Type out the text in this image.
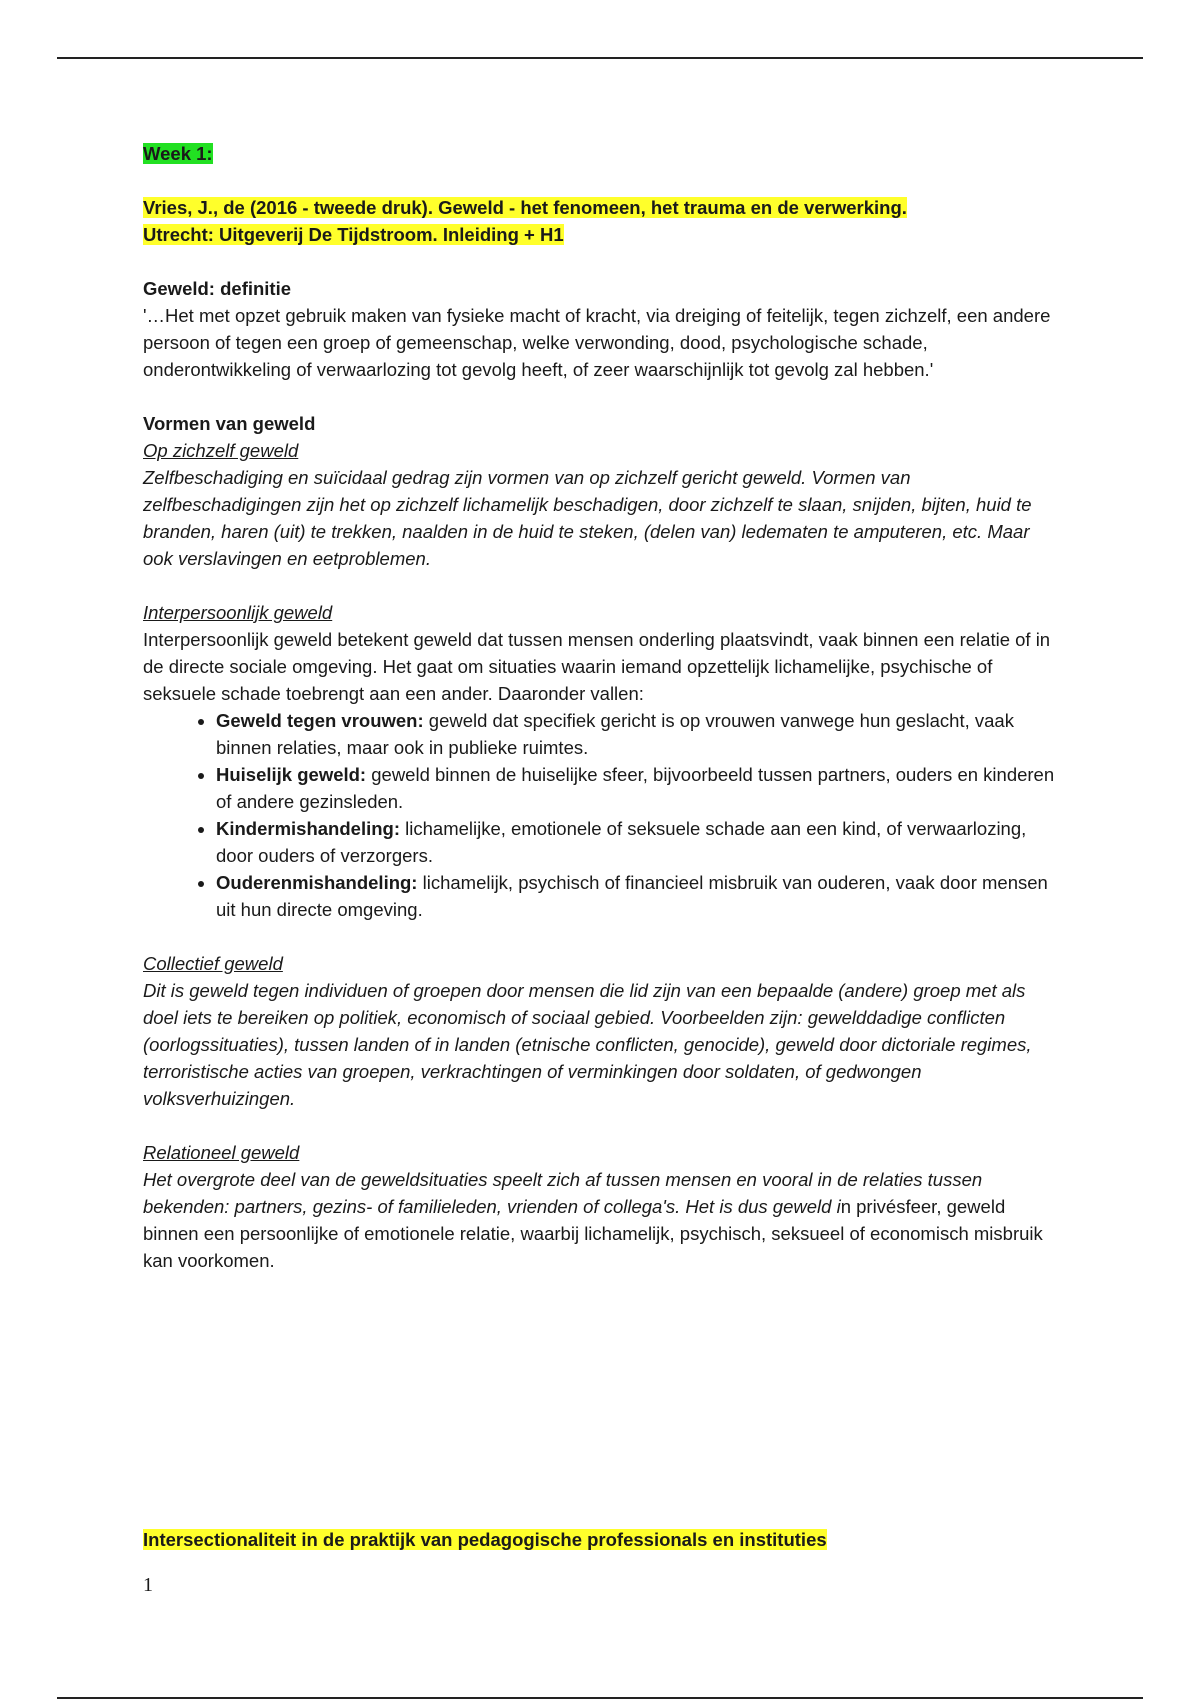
Week 1:

Vries, J., de (2016 - tweede druk). Geweld - het fenomeen, het trauma en de verwerking.
Utrecht: Uitgeverij De Tijdstroom. Inleiding + H1

Geweld: definitie

'…Het met opzet gebruik maken van fysieke macht of kracht, via dreiging of feitelijk, tegen zichzelf, een andere persoon of tegen een groep of gemeenschap, welke verwonding, dood, psychologische schade, onderontwikkeling of verwaarlozing tot gevolg heeft, of zeer waarschijnlijk tot gevolg zal hebben.'

Vormen van geweld

Op zichzelf geweld

Zelfbeschadiging en suïcidaal gedrag zijn vormen van op zichzelf gericht geweld. Vormen van zelfbeschadigingen zijn het op zichzelf lichamelijk beschadigen, door zichzelf te slaan, snijden, bijten, huid te branden, haren (uit) te trekken, naalden in de huid te steken, (delen van) ledematen te amputeren, etc. Maar ook verslavingen en eetproblemen.

Interpersoonlijk geweld

Interpersoonlijk geweld betekent geweld dat tussen mensen onderling plaatsvindt, vaak binnen een relatie of in de directe sociale omgeving. Het gaat om situaties waarin iemand opzettelijk lichamelijke, psychische of seksuele schade toebrengt aan een ander. Daaronder vallen:

• Geweld tegen vrouwen: geweld dat specifiek gericht is op vrouwen vanwege hun geslacht, vaak binnen relaties, maar ook in publieke ruimtes.
• Huiselijk geweld: geweld binnen de huiselijke sfeer, bijvoorbeeld tussen partners, ouders en kinderen of andere gezinsleden.
• Kindermishandeling: lichamelijke, emotionele of seksuele schade aan een kind, of verwaarlozing, door ouders of verzorgers.
• Ouderenmishandeling: lichamelijk, psychisch of financieel misbruik van ouderen, vaak door mensen uit hun directe omgeving.

Collectief geweld

Dit is geweld tegen individuen of groepen door mensen die lid zijn van een bepaalde (andere) groep met als doel iets te bereiken op politiek, economisch of sociaal gebied. Voorbeelden zijn: gewelddadige conflicten (oorlogssituaties), tussen landen of in landen (etnische conflicten, genocide), geweld door dictoriale regimes, terroristische acties van groepen, verkrachtingen of verminkingen door soldaten, of gedwongen volksverhuizingen.

Relationeel geweld

Het overgrote deel van de geweldsituaties speelt zich af tussen mensen en vooral in de relaties tussen bekenden: partners, gezins- of familieleden, vrienden of collega's. Het is dus geweld in privésfeer, geweld binnen een persoonlijke of emotionele relatie, waarbij lichamelijk, psychisch, seksueel of economisch misbruik kan voorkomen.

Intersectionaliteit in de praktijk van pedagogische professionals en instituties

1
